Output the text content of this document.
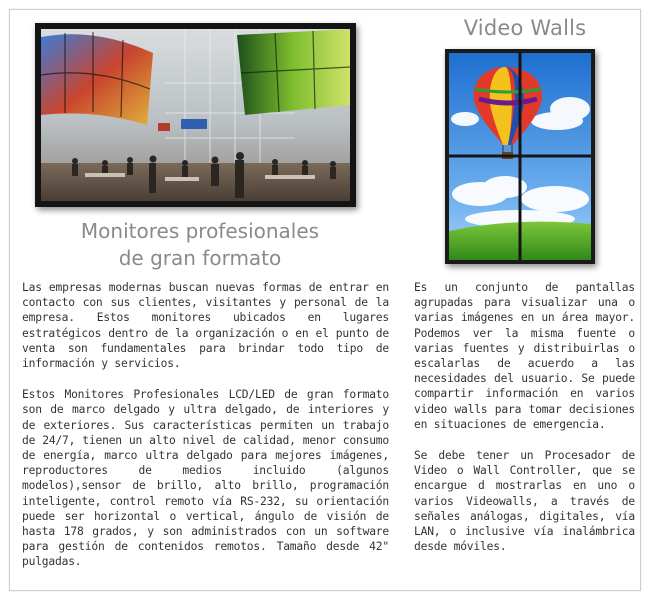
Monitores profesionales
de gran formato
Video Walls

Las empresas modernas buscan nuevas formas de entrar en contacto con sus clientes, visitantes y personal de la empresa. Estos monitores ubicados en lugares estratégicos dentro de la organización o en el punto de venta son fundamentales para brindar todo tipo de información y servicios.

Estos Monitores Profesionales LCD/LED de gran formato son de marco delgado y ultra delgado, de interiores y de exteriores. Sus características permiten un trabajo de 24/7, tienen un alto nivel de calidad, menor consumo de energía, marco ultra delgado para mejores imágenes, reproductores de medios incluido (algunos modelos),sensor de brillo, alto brillo, programación inteligente, control remoto vía RS-232, su orientación puede ser horizontal o vertical, ángulo de visión de hasta 178 grados, y son administrados con un software para gestión de contenidos remotos. Tamaño desde 42" pulgadas.

Es un conjunto de pantallas agrupadas para visualizar una o varias imágenes en un área mayor. Podemos ver la misma fuente o varias fuentes y distribuirlas o escalarlas de acuerdo a las necesidades del usuario. Se puede compartir información en varios video walls para tomar decisiones en situaciones de emergencia.

Se debe tener un Procesador de Video o Wall Controller, que se encargue d mostrarlas en uno o varios Videowalls, a través de señales análogas, digitales, vía LAN, o inclusive vía inalámbrica desde móviles.
